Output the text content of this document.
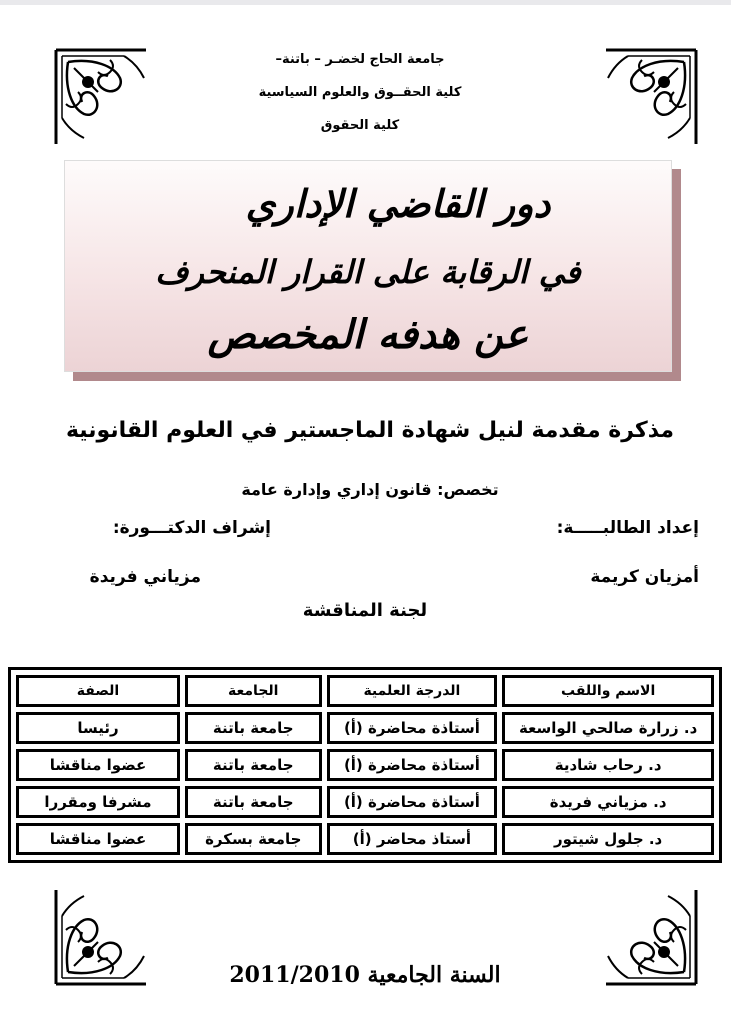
جامعة الحاج لخضـر – باتنة–
كلية الحقــوق والعلوم السياسية
كلية الحقوق
دور القاضي الإداري
في الرقابة على القرار المنحرف
عن هدفه المخصص
مذكرة مقدمة لنيل شهادة الماجستير في العلوم القانونية
تخصص: قانون إداري وإدارة عامة
إعداد الطالبـــــة:
إشراف الدكتـــورة:
أمزيان كريمة
مزياني فريدة
لجنة المناقشة
الاسم واللقب	الدرجة العلمية	الجامعة	الصفة
د. زرارة صالحي الواسعة	أستاذة محاضرة (أ)	جامعة باتنة	رئيسا
د. رحاب شادية	أستاذة محاضرة (أ)	جامعة باتنة	عضوا مناقشا
د. مزياني فريدة	أستاذة محاضرة (أ)	جامعة باتنة	مشرفا ومقررا
د. جلول شيتور	أستاذ محاضر (أ)	جامعة بسكرة	عضوا مناقشا
السنة الجامعية 2011/2010
